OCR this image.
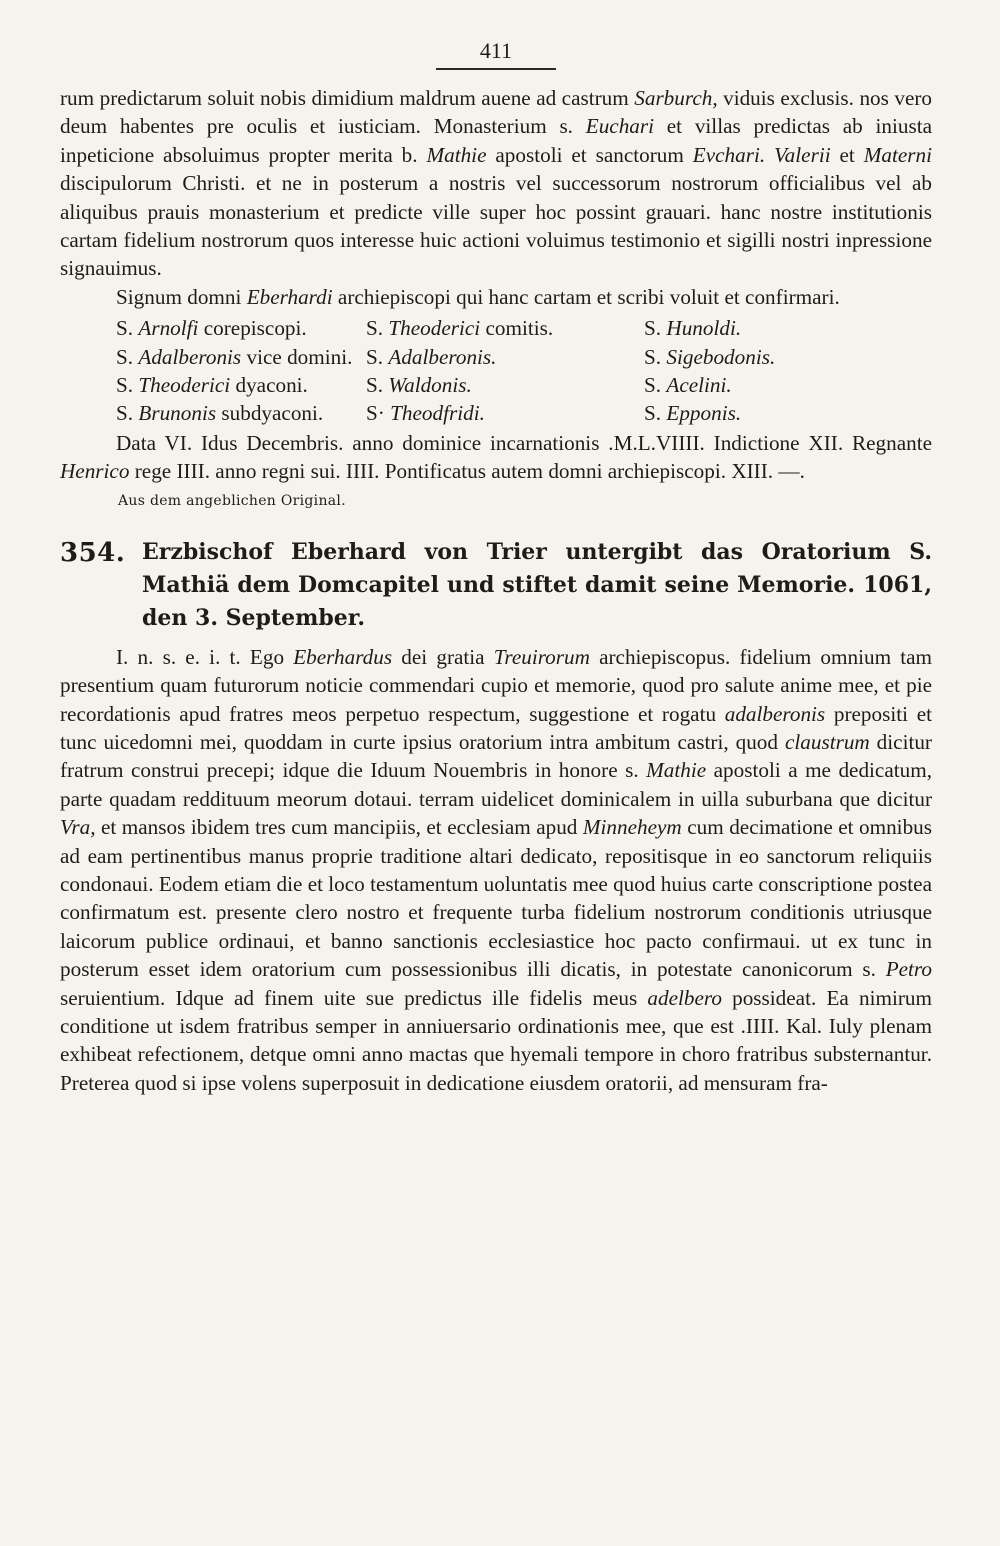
411

rum predictarum soluit nobis dimidium maldrum auene ad castrum Sarburch, viduis exclusis. nos vero deum habentes pre oculis et iusticiam. Monasterium s. Euchari et villas predictas ab iniusta inpeticione absoluimus propter merita b. Mathie apostoli et sanctorum Evchari. Valerii et Materni discipulorum Christi. et ne in posterum a nostris vel successorum nostrorum officialibus vel ab aliquibus prauis monasterium et predicte ville super hoc possint grauari. hanc nostre institutionis cartam fidelium nostrorum quos interesse huic actioni voluimus testimonio et sigilli nostri inpressione signauimus.

Signum domni Eberhardi archiepiscopi qui hanc cartam et scribi voluit et confirmari.

S. Arnolfi corepiscopi.	S. Theoderici comitis.	S. Hunoldi.
S. Adalberonis vice domini. S. Adalberonis.	S. Sigebodonis.
S. Theoderici dyaconi.	S. Waldonis.	S. Acelini.
S. Brunonis subdyaconi.	S· Theodfridi.	S. Epponis.

Data VI. Idus Decembris. anno dominice incarnationis .M.L.VIIII. Indictione XII. Regnante Henrico rege IIII. anno regni sui. IIII. Pontificatus autem domni archiepiscopi. XIII. —.

Aus dem angeblichen Original.
354. Erzbischof Eberhard von Trier untergibt das Oratorium S. Mathiä dem Domcapitel und stiftet damit seine Memorie. 1061, den 3. September.

I. n. s. e. i. t. Ego Eberhardus dei gratia Treuirorum archiepiscopus. fidelium omnium tam presentium quam futurorum noticie commendari cupio et memorie, quod pro salute anime mee, et pie recordationis apud fratres meos perpetuo respectum, suggestione et rogatu adalberonis prepositi et tunc uicedomni mei, quoddam in curte ipsius oratorium intra ambitum castri, quod claustrum dicitur fratrum construi precepi; idque die Iduum Nouembris in honore s. Mathie apostoli a me dedicatum, parte quadam reddituum meorum dotaui. terram uidelicet dominicalem in uilla suburbana que dicitur Vra, et mansos ibidem tres cum mancipiis, et ecclesiam apud Minneheym cum decimatione et omnibus ad eam pertinentibus manus proprie traditione altari dedicato, repositisque in eo sanctorum reliquiis condonaui. Eodem etiam die et loco testamentum uoluntatis mee quod huius carte conscriptione postea confirmatum est. presente clero nostro et frequente turba fidelium nostrorum conditionis utriusque laicorum publice ordinaui, et banno sanctionis ecclesiastice hoc pacto confirmaui. ut ex tunc in posterum esset idem oratorium cum possessionibus illi dicatis, in potestate canonicorum s. Petro seruientium. Idque ad finem uite sue predictus ille fidelis meus adelbero possideat. Ea nimirum conditione ut isdem fratribus semper in anniuersario ordinationis mee, que est .IIII. Kal. Iuly plenam exhibeat refectionem, detque omni anno mactas que hyemali tempore in choro fratribus substernantur. Preterea quod si ipse volens superposuit in dedicatione eiusdem oratorii, ad mensuram fra-
